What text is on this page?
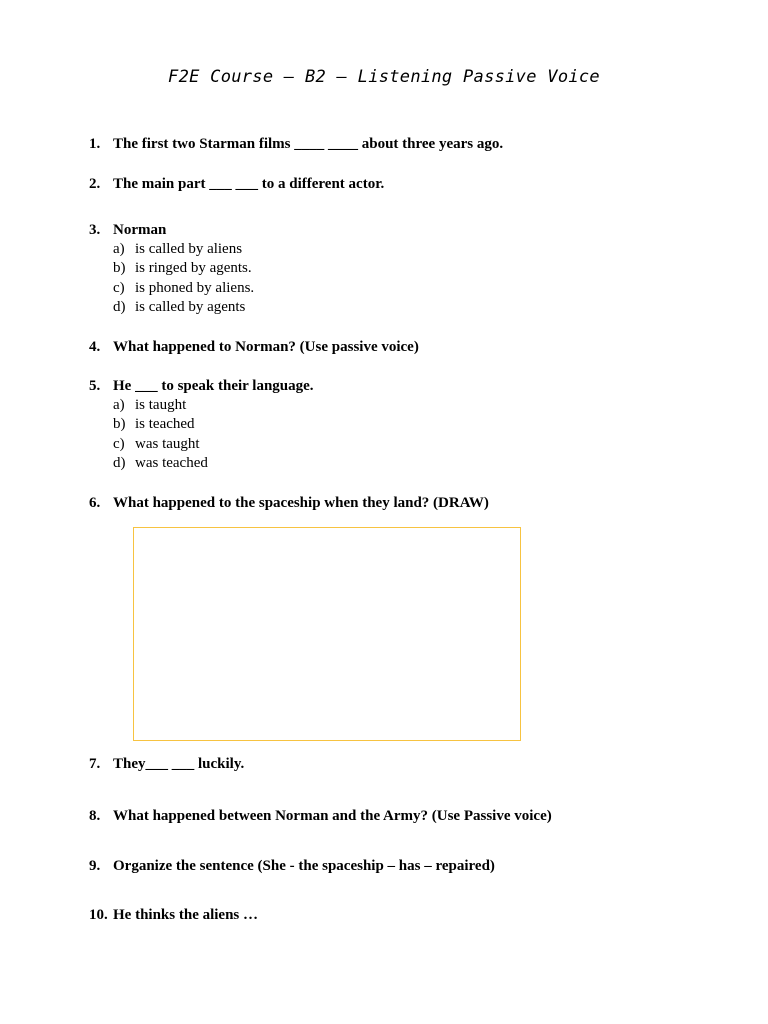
F2E Course – B2 – Listening Passive Voice
1. The first two Starman films ____ ____ about three years ago.
2. The main part ___ ___ to a different actor.
3. Norman
a) is called by aliens
b) is ringed by agents.
c) is phoned by aliens.
d) is called by agents
4. What happened to Norman? (Use passive voice)
5. He ___ to speak their language.
a) is taught
b) is teached
c) was taught
d) was teached
6. What happened to the spaceship when they land? (DRAW)
7. They___ ___ luckily.
8. What happened between Norman and the Army? (Use Passive voice)
9. Organize the sentence (She - the spaceship – has – repaired)
10. He thinks the aliens …
